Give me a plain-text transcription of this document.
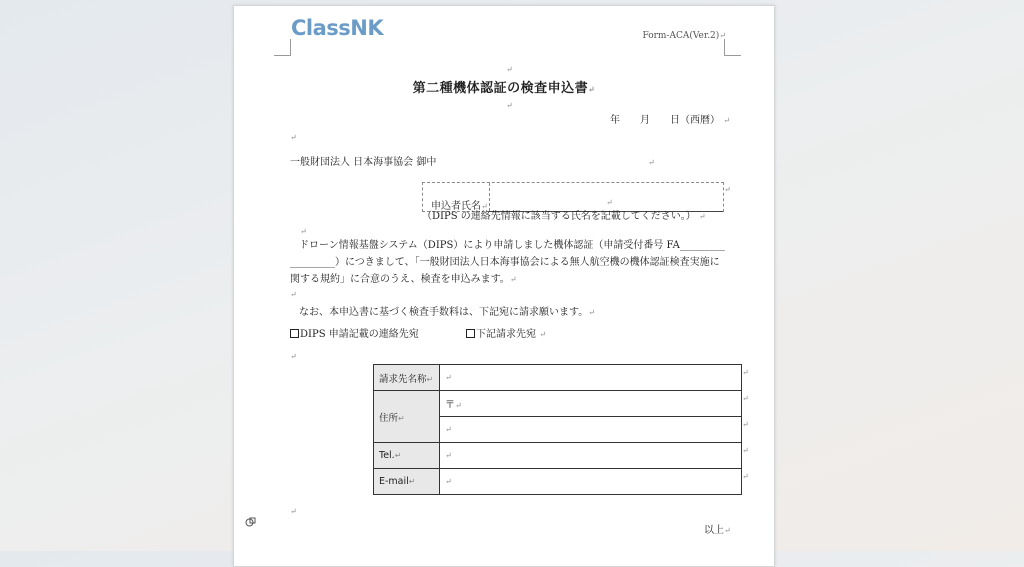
ClassNK	Form-ACA(Ver.2)↵
↵
第二種機体認証の検査申込書↵
↵
年　　月　　日（西暦） ↵
↵
一般財団法人 日本海事協会 御中	↵
申込者氏名↵	↵
↵
（DIPS の連絡先情報に該当する氏名を記載してください。） ↵
↵
ドローン情報基盤システム（DIPS）により申請しました機体認証（申請受付番号 FA_________
_________）につきまして、「一般財団法人日本海事協会による無人航空機の機体認証検査実施に
関する規約」に合意のうえ、検査を申込みます。↵
↵
なお、本申込書に基づく検査手数料は、下記宛に請求願います。↵
DIPS 申請記載の連絡先宛	下記請求先宛 ↵
↵
請求先名称↵	↵
住所↵	〒↵
	↵
Tel.↵	↵
E-mail↵	↵
↵
↵
↵
↵
↵
↵
以上↵
